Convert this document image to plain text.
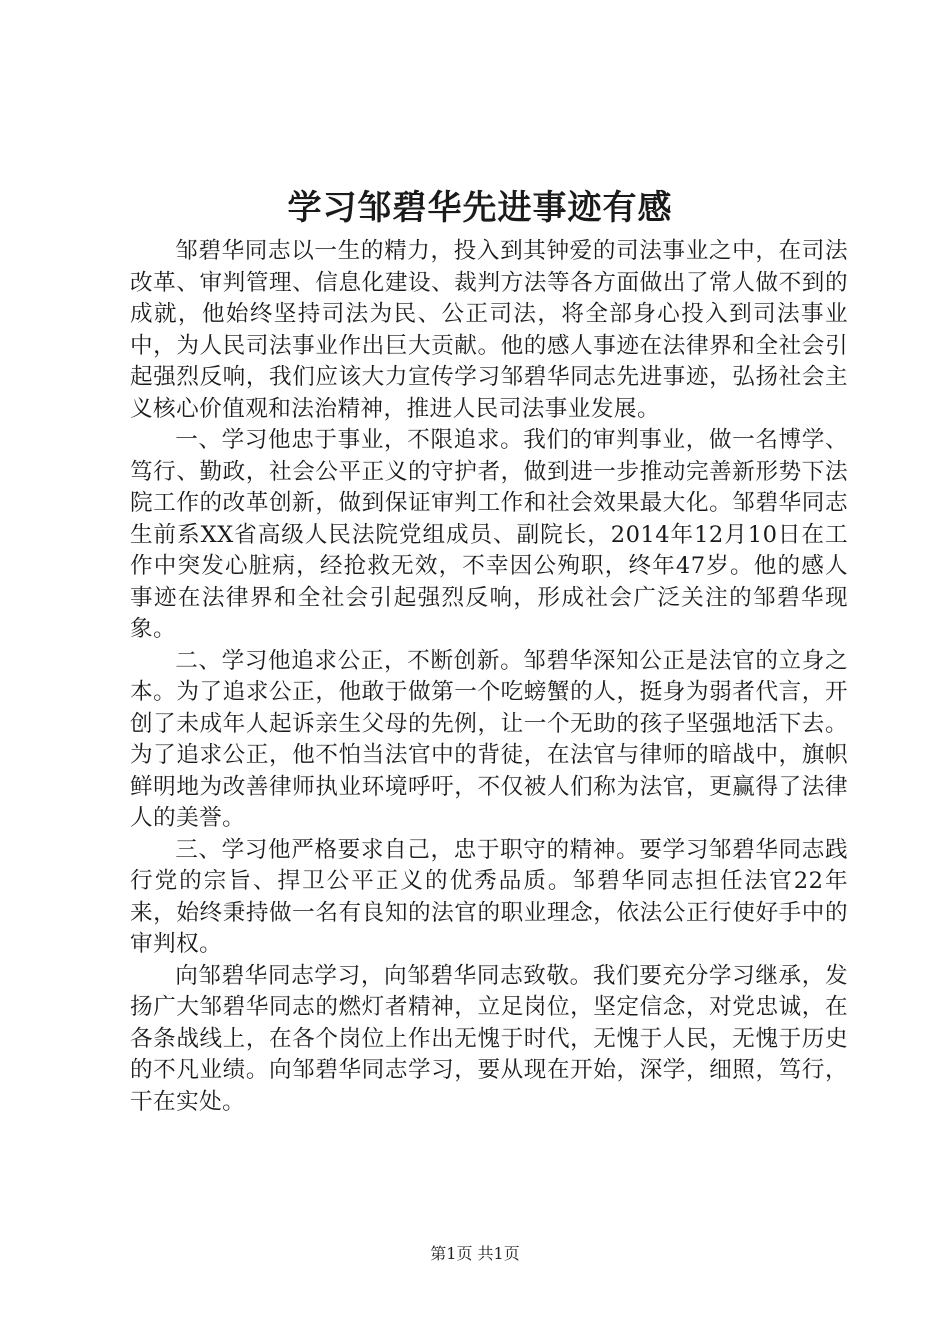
学习邹碧华先进事迹有感

邹碧华同志以一生的精力，投入到其钟爱的司法事业之中，在司法改革、审判管理、信息化建设、裁判方法等各方面做出了常人做不到的成就，他始终坚持司法为民、公正司法，将全部身心投入到司法事业中，为人民司法事业作出巨大贡献。他的感人事迹在法律界和全社会引起强烈反响，我们应该大力宣传学习邹碧华同志先进事迹，弘扬社会主义核心价值观和法治精神，推进人民司法事业发展。

一、学习他忠于事业，不限追求。我们的审判事业，做一名博学、笃行、勤政，社会公平正义的守护者，做到进一步推动完善新形势下法院工作的改革创新，做到保证审判工作和社会效果最大化。邹碧华同志生前系XX省高级人民法院党组成员、副院长，2014年12月10日在工作中突发心脏病，经抢救无效，不幸因公殉职，终年47岁。他的感人事迹在法律界和全社会引起强烈反响，形成社会广泛关注的邹碧华现象。

二、学习他追求公正，不断创新。邹碧华深知公正是法官的立身之本。为了追求公正，他敢于做第一个吃螃蟹的人，挺身为弱者代言，开创了未成年人起诉亲生父母的先例，让一个无助的孩子坚强地活下去。为了追求公正，他不怕当法官中的背徒，在法官与律师的暗战中，旗帜鲜明地为改善律师执业环境呼吁，不仅被人们称为法官，更赢得了法律人的美誉。

三、学习他严格要求自己，忠于职守的精神。要学习邹碧华同志践行党的宗旨、捍卫公平正义的优秀品质。邹碧华同志担任法官22年来，始终秉持做一名有良知的法官的职业理念，依法公正行使好手中的审判权。

向邹碧华同志学习，向邹碧华同志致敬。我们要充分学习继承，发扬广大邹碧华同志的燃灯者精神，立足岗位，坚定信念，对党忠诚，在各条战线上，在各个岗位上作出无愧于时代，无愧于人民，无愧于历史的不凡业绩。向邹碧华同志学习，要从现在开始，深学，细照，笃行，干在实处。

第1页 共1页
